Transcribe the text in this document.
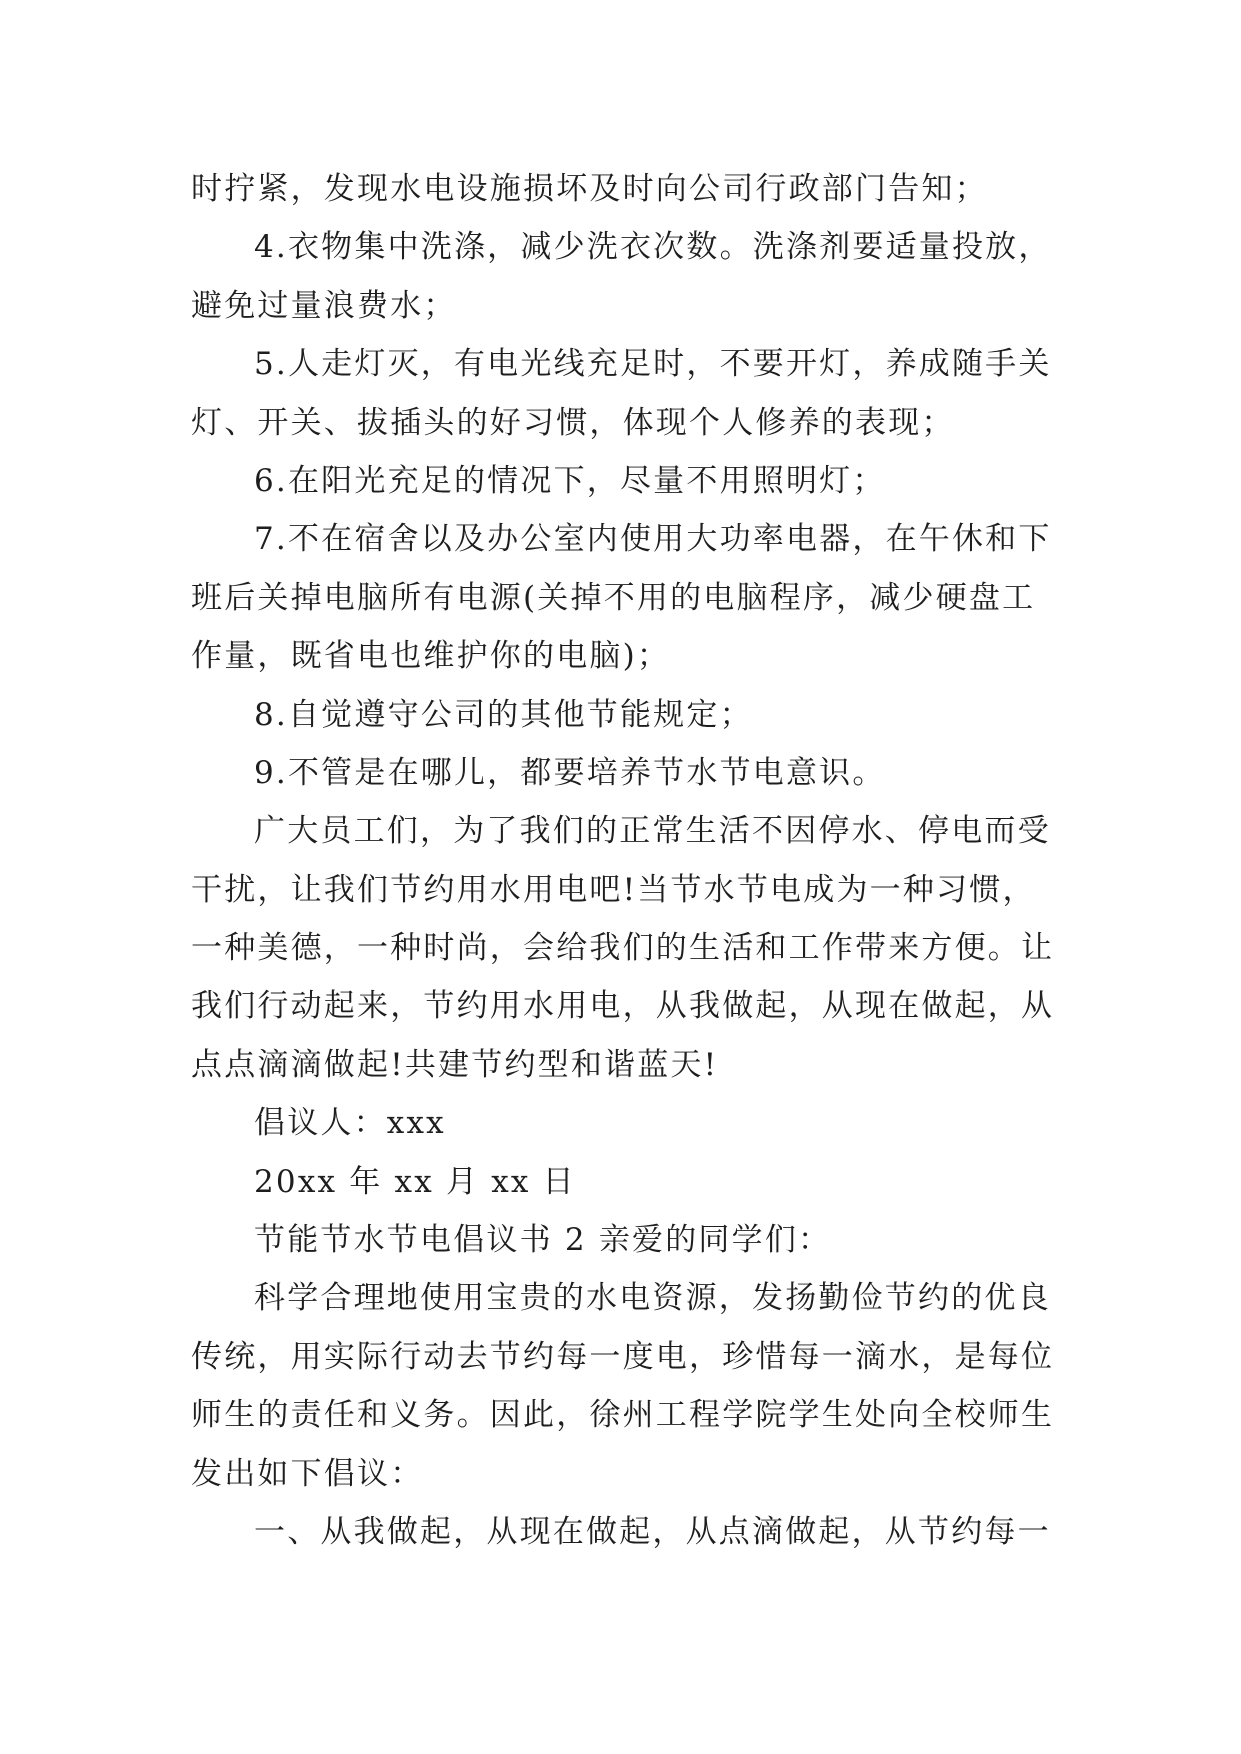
时拧紧，发现水电设施损坏及时向公司行政部门告知；
4.衣物集中洗涤，减少洗衣次数。洗涤剂要适量投放，
避免过量浪费水；
5.人走灯灭，有电光线充足时，不要开灯，养成随手关
灯、开关、拔插头的好习惯，体现个人修养的表现；
6.在阳光充足的情况下，尽量不用照明灯；
7.不在宿舍以及办公室内使用大功率电器，在午休和下
班后关掉电脑所有电源(关掉不用的电脑程序，减少硬盘工
作量，既省电也维护你的电脑)；
8.自觉遵守公司的其他节能规定；
9.不管是在哪儿，都要培养节水节电意识。
广大员工们，为了我们的正常生活不因停水、停电而受
干扰，让我们节约用水用电吧!当节水节电成为一种习惯，
一种美德，一种时尚，会给我们的生活和工作带来方便。让
我们行动起来，节约用水用电，从我做起，从现在做起，从
点点滴滴做起!共建节约型和谐蓝天!
倡议人：xxx
20xx 年 xx 月 xx 日
节能节水节电倡议书 2 亲爱的同学们：
科学合理地使用宝贵的水电资源，发扬勤俭节约的优良
传统，用实际行动去节约每一度电，珍惜每一滴水，是每位
师生的责任和义务。因此，徐州工程学院学生处向全校师生
发出如下倡议：
一、从我做起，从现在做起，从点滴做起，从节约每一
